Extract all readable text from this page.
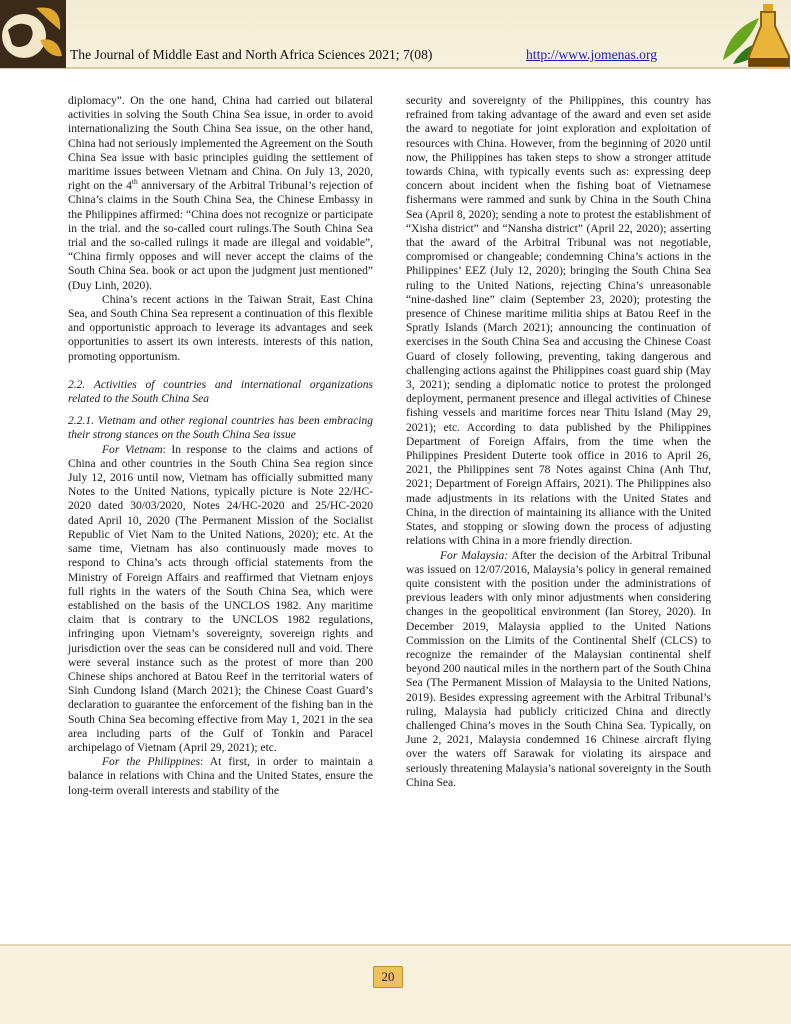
The Journal of Middle East and North Africa Sciences 2021; 7(08)	http://www.jomenas.org

diplomacy”. On the one hand, China had carried out bilateral activities in solving the South China Sea issue, in order to avoid internationalizing the South China Sea issue, on the other hand, China had not seriously implemented the Agreement on the South China Sea issue with basic principles guiding the settlement of maritime issues between Vietnam and China. On July 13, 2020, right on the 4th anniversary of the Arbitral Tribunal’s rejection of China’s claims in the South China Sea, the Chinese Embassy in the Philippines affirmed: “China does not recognize or participate in the trial. and the so-called court rulings.The South China Sea trial and the so-called rulings it made are illegal and voidable”, “China firmly opposes and will never accept the claims of the South China Sea. book or act upon the judgment just mentioned” (Duy Linh, 2020).

China’s recent actions in the Taiwan Strait, East China Sea, and South China Sea represent a continuation of this flexible and opportunistic approach to leverage its advantages and seek opportunities to assert its own interests. interests of this nation, promoting opportunism.

2.2. Activities of countries and international organizations related to the South China Sea

2.2.1. Vietnam and other regional countries has been embracing their strong stances on the South China Sea issue

For Vietnam: In response to the claims and actions of China and other countries in the South China Sea region since July 12, 2016 until now, Vietnam has officially submitted many Notes to the United Nations, typically picture is Note 22/HC-2020 dated 30/03/2020, Notes 24/HC-2020 and 25/HC-2020 dated April 10, 2020 (The Permanent Mission of the Socialist Republic of Viet Nam to the United Nations, 2020); etc. At the same time, Vietnam has also continuously made moves to respond to China’s acts through official statements from the Ministry of Foreign Affairs and reaffirmed that Vietnam enjoys full rights in the waters of the South China Sea, which were established on the basis of the UNCLOS 1982. Any maritime claim that is contrary to the UNCLOS 1982 regulations, infringing upon Vietnam’s sovereignty, sovereign rights and jurisdiction over the seas can be considered null and void. There were several instance such as the protest of more than 200 Chinese ships anchored at Batou Reef in the territorial waters of Sinh Cundong Island (March 2021); the Chinese Coast Guard’s declaration to guarantee the enforcement of the fishing ban in the South China Sea becoming effective from May 1, 2021 in the sea area including parts of the Gulf of Tonkin and Paracel archipelago of Vietnam (April 29, 2021); etc.

For the Philippines: At first, in order to maintain a balance in relations with China and the United States, ensure the long-term overall interests and stability of the

security and sovereignty of the Philippines, this country has refrained from taking advantage of the award and even set aside the award to negotiate for joint exploration and exploitation of resources with China. However, from the beginning of 2020 until now, the Philippines has taken steps to show a stronger attitude towards China, with typically events such as: expressing deep concern about incident when the fishing boat of Vietnamese fishermans were rammed and sunk by China in the South China Sea (April 8, 2020); sending a note to protest the establishment of “Xisha district” and “Nansha district” (April 22, 2020); asserting that the award of the Arbitral Tribunal was not negotiable, compromised or changeable; condemning China’s actions in the Philippines’ EEZ (July 12, 2020); bringing the South China Sea ruling to the United Nations, rejecting China’s unreasonable “nine-dashed line” claim (September 23, 2020); protesting the presence of Chinese maritime militia ships at Batou Reef in the Spratly Islands (March 2021); announcing the continuation of exercises in the South China Sea and accusing the Chinese Coast Guard of closely following, preventing, taking dangerous and challenging actions against the Philippines coast guard ship (May 3, 2021); sending a diplomatic notice to protest the prolonged deployment, permanent presence and illegal activities of Chinese fishing vessels and maritime forces near Thitu Island (May 29, 2021); etc. According to data published by the Philippines Department of Foreign Affairs, from the time when the Philippines President Duterte took office in 2016 to April 26, 2021, the Philippines sent 78 Notes against China (Anh Thư, 2021; Department of Foreign Affairs, 2021). The Philippines also made adjustments in its relations with the United States and China, in the direction of maintaining its alliance with the United States, and stopping or slowing down the process of adjusting relations with China in a more friendly direction.

For Malaysia: After the decision of the Arbitral Tribunal was issued on 12/07/2016, Malaysia’s policy in general remained quite consistent with the position under the administrations of previous leaders with only minor adjustments when considering changes in the geopolitical environment (Ian Storey, 2020). In December 2019, Malaysia applied to the United Nations Commission on the Limits of the Continental Shelf (CLCS) to recognize the remainder of the Malaysian continental shelf beyond 200 nautical miles in the northern part of the South China Sea (The Permanent Mission of Malaysia to the United Nations, 2019). Besides expressing agreement with the Arbitral Tribunal’s ruling, Malaysia had publicly criticized China and directly challenged China’s moves in the South China Sea. Typically, on June 2, 2021, Malaysia condemned 16 Chinese aircraft flying over the waters off Sarawak for violating its airspace and seriously threatening Malaysia’s national sovereignty in the South China Sea.

20
